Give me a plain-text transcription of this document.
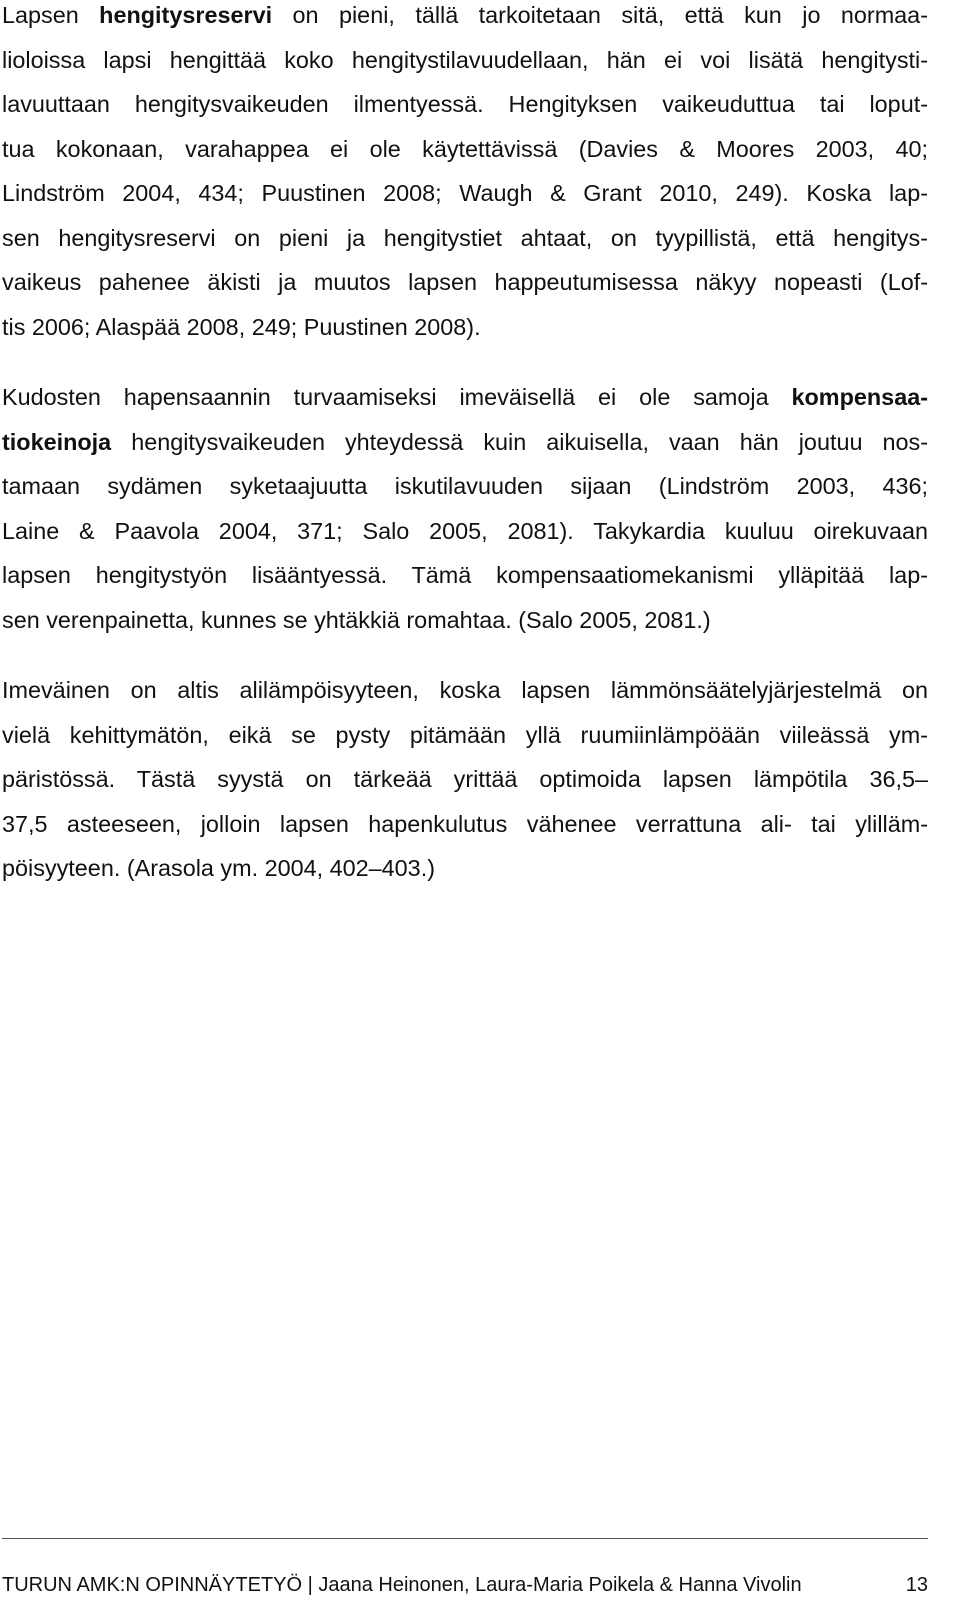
Lapsen hengitysreservi on pieni, tällä tarkoitetaan sitä, että kun jo normaa-
lioloissa lapsi hengittää koko hengitystilavuudellaan, hän ei voi lisätä hengitysti-
lavuuttaan hengitysvaikeuden ilmentyessä. Hengityksen vaikeuduttua tai loput-
tua kokonaan, varahappea ei ole käytettävissä (Davies & Moores 2003, 40;
Lindström 2004, 434; Puustinen 2008; Waugh & Grant 2010, 249). Koska lap-
sen hengitysreservi on pieni ja hengitystiet ahtaat, on tyypillistä, että hengitys-
vaikeus pahenee äkisti ja muutos lapsen happeutumisessa näkyy nopeasti (Lof-
tis 2006; Alaspää 2008, 249; Puustinen 2008).
Kudosten hapensaannin turvaamiseksi imeväisellä ei ole samoja kompensaa-
tiokeinoja hengitysvaikeuden yhteydessä kuin aikuisella, vaan hän joutuu nos-
tamaan sydämen syketaajuutta iskutilavuuden sijaan (Lindström 2003, 436;
Laine & Paavola 2004, 371; Salo 2005, 2081). Takykardia kuuluu oirekuvaan
lapsen hengitystyön lisääntyessä. Tämä kompensaatiomekanismi ylläpitää lap-
sen verenpainetta, kunnes se yhtäkkiä romahtaa. (Salo 2005, 2081.)
Imeväinen on altis alilämpöisyyteen, koska lapsen lämmönsäätelyjärjestelmä on
vielä kehittymätön, eikä se pysty pitämään yllä ruumiinlämpöään viileässä ym-
päristössä. Tästä syystä on tärkeää yrittää optimoida lapsen lämpötila 36,5–
37,5 asteeseen, jolloin lapsen hapenkulutus vähenee verrattuna ali- tai ylilläm-
pöisyyteen. (Arasola ym. 2004, 402–403.)
TURUN AMK:N OPINNÄYTETYÖ | Jaana Heinonen, Laura-Maria Poikela & Hanna Vivolin	13
